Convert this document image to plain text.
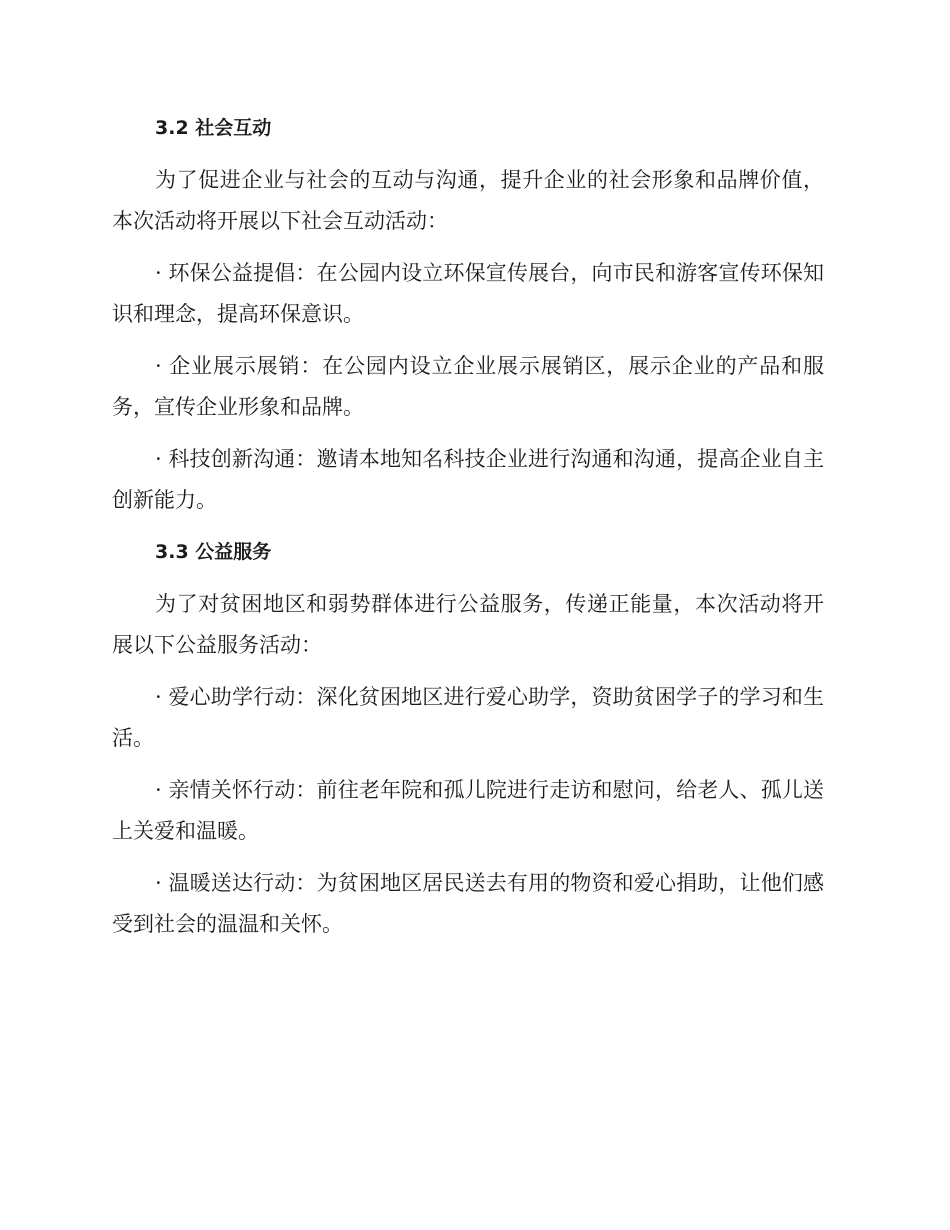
3.2 社会互动

为了促进企业与社会的互动与沟通，提升企业的社会形象和品牌价值，本次活动将开展以下社会互动活动：

· 环保公益提倡：在公园内设立环保宣传展台，向市民和游客宣传环保知识和理念，提高环保意识。

· 企业展示展销：在公园内设立企业展示展销区，展示企业的产品和服务，宣传企业形象和品牌。

· 科技创新沟通：邀请本地知名科技企业进行沟通和沟通，提高企业自主创新能力。

3.3 公益服务

为了对贫困地区和弱势群体进行公益服务，传递正能量，本次活动将开展以下公益服务活动：

· 爱心助学行动：深化贫困地区进行爱心助学，资助贫困学子的学习和生活。

· 亲情关怀行动：前往老年院和孤儿院进行走访和慰问，给老人、孤儿送上关爱和温暖。

· 温暖送达行动：为贫困地区居民送去有用的物资和爱心捐助，让他们感受到社会的温温和关怀。
